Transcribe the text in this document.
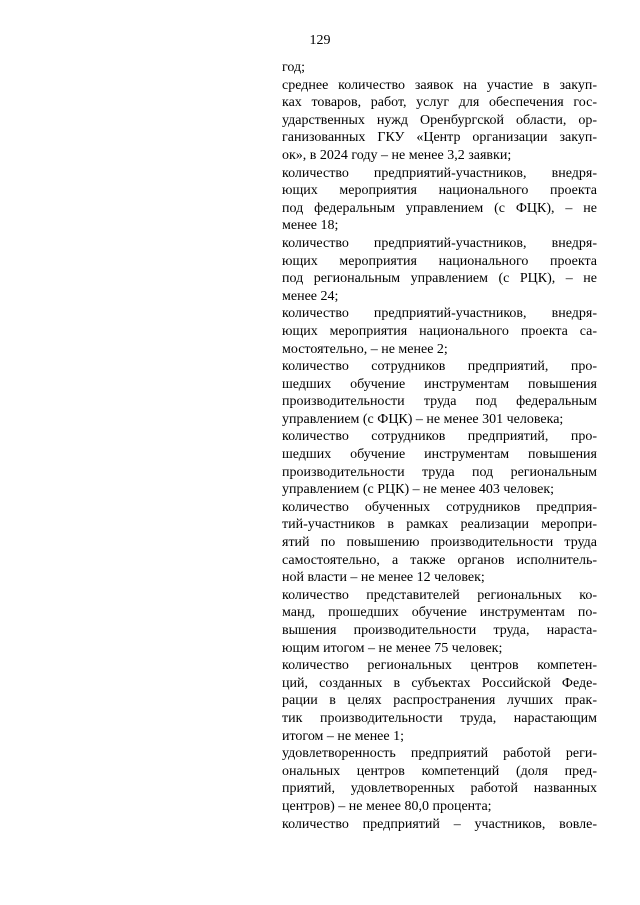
129
год;
среднее количество заявок на участие в закуп-
ках товаров, работ, услуг для обеспечения гос-
ударственных нужд Оренбургской области, ор-
ганизованных ГКУ «Центр организации закуп-
ок», в 2024 году – не менее 3,2 заявки;
количество предприятий-участников, внедря-
ющих мероприятия национального проекта
под федеральным управлением (с ФЦК), – не
менее 18;
количество предприятий-участников, внедря-
ющих мероприятия национального проекта
под региональным управлением (с РЦК), – не
менее 24;
количество предприятий-участников, внедря-
ющих мероприятия национального проекта са-
мостоятельно, – не менее 2;
количество сотрудников предприятий, про-
шедших обучение инструментам повышения
производительности труда под федеральным
управлением (с ФЦК) – не менее 301 человека;
количество сотрудников предприятий, про-
шедших обучение инструментам повышения
производительности труда под региональным
управлением (с РЦК) – не менее 403 человек;
количество обученных сотрудников предприя-
тий-участников в рамках реализации меропри-
ятий по повышению производительности труда
самостоятельно, а также органов исполнитель-
ной власти – не менее 12 человек;
количество представителей региональных ко-
манд, прошедших обучение инструментам по-
вышения производительности труда, нараста-
ющим итогом – не менее 75 человек;
количество региональных центров компетен-
ций, созданных в субъектах Российской Феде-
рации в целях распространения лучших прак-
тик производительности труда, нарастающим
итогом – не менее 1;
удовлетворенность предприятий работой реги-
ональных центров компетенций (доля пред-
приятий, удовлетворенных работой названных
центров) – не менее 80,0 процента;
количество предприятий – участников, вовле-
